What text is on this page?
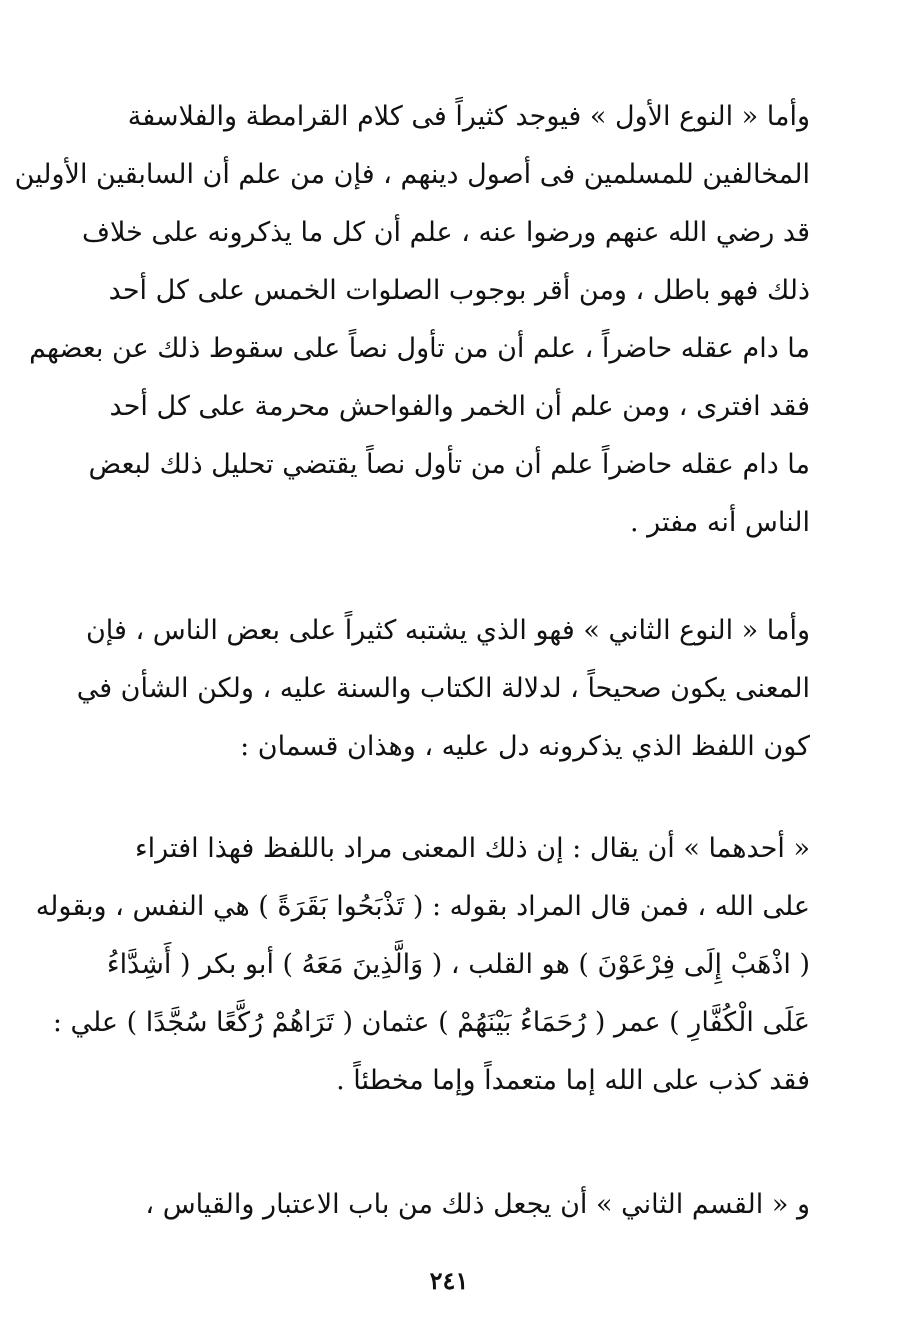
وأما « النوع الأول » فيوجد كثيراً فى كلام القرامطة والفلاسفة
المخالفين للمسلمين فى أصول دينهم ، فإن من علم أن السابقين الأولين
قد رضي الله عنهم ورضوا عنه ، علم أن كل ما يذكرونه على خلاف
ذلك فهو باطل ، ومن أقر بوجوب الصلوات الخمس على كل أحد
ما دام عقله حاضراً ، علم أن من تأول نصاً على سقوط ذلك عن بعضهم
فقد افترى ، ومن علم أن الخمر والفواحش محرمة على كل أحد
ما دام عقله حاضراً علم أن من تأول نصاً يقتضي تحليل ذلك لبعض
الناس أنه مفتر .
وأما « النوع الثاني » فهو الذي يشتبه كثيراً على بعض الناس ، فإن
المعنى يكون صحيحاً ، لدلالة الكتاب والسنة عليه ، ولكن الشأن في
كون اللفظ الذي يذكرونه دل عليه ، وهذان قسمان :
« أحدهما » أن يقال : إن ذلك المعنى مراد باللفظ فهذا افتراء
على الله ، فمن قال المراد بقوله : ( تَذْبَحُوا بَقَرَةً ) هي النفس ، وبقوله
( اذْهَبْ إِلَى فِرْعَوْنَ ) هو القلب ، ( وَالَّذِينَ مَعَهُ ) أبو بكر ( أَشِدَّاءُ
عَلَى الْكُفَّارِ ) عمر ( رُحَمَاءُ بَيْنَهُمْ ) عثمان ( تَرَاهُمْ رُكَّعًا سُجَّدًا ) علي :
فقد كذب على الله إما متعمداً وإما مخطئاً .
و « القسم الثاني » أن يجعل ذلك من باب الاعتبار والقياس ،
٢٤١
